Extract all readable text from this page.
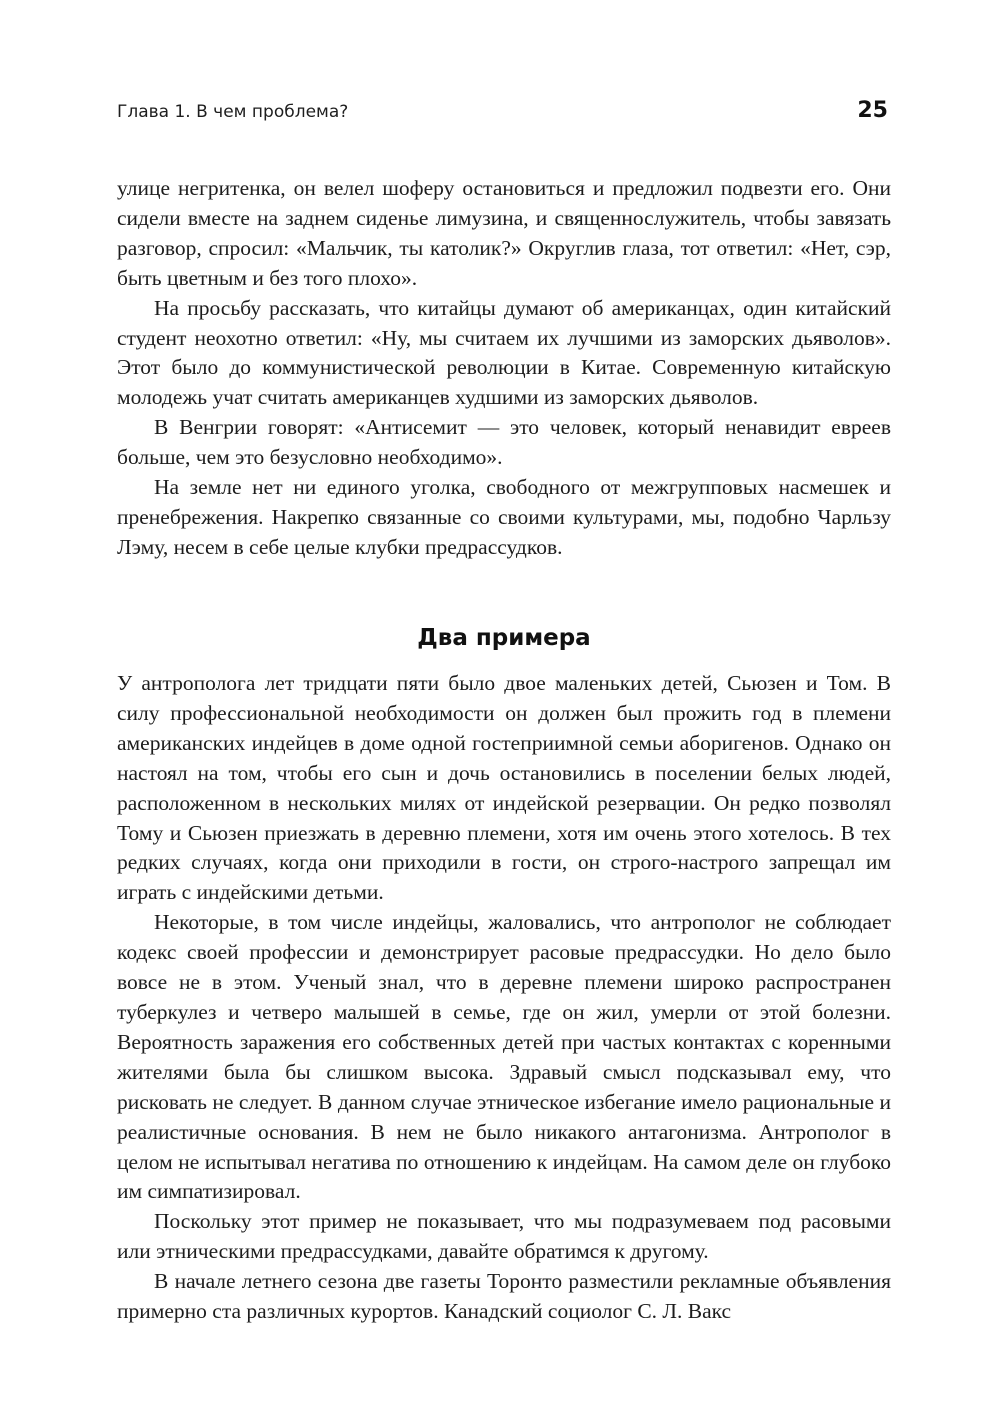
Глава 1. В чем проблема?	25

улице негритенка, он велел шоферу остановиться и предложил подвезти его. Они сидели вместе на заднем сиденье лимузина, и священнослужитель, чтобы завязать разговор, спросил: «Мальчик, ты католик?» Округлив глаза, тот ответил: «Нет, сэр, быть цветным и без того плохо».

На просьбу рассказать, что китайцы думают об американцах, один китайский студент неохотно ответил: «Ну, мы считаем их лучшими из заморских дьяволов». Этот было до коммунистической революции в Китае. Современную китайскую молодежь учат считать американцев худшими из заморских дьяволов.

В Венгрии говорят: «Антисемит — это человек, который ненавидит евреев больше, чем это безусловно необходимо».

На земле нет ни единого уголка, свободного от межгрупповых насмешек и пренебрежения. Накрепко связанные со своими культурами, мы, подобно Чарльзу Лэму, несем в себе целые клубки предрассудков.

Два примера

У антрополога лет тридцати пяти было двое маленьких детей, Сьюзен и Том. В силу профессиональной необходимости он должен был прожить год в племени американских индейцев в доме одной гостеприимной семьи аборигенов. Однако он настоял на том, чтобы его сын и дочь остановились в поселении белых людей, расположенном в нескольких милях от индейской резервации. Он редко позволял Тому и Сьюзен приезжать в деревню племени, хотя им очень этого хотелось. В тех редких случаях, когда они приходили в гости, он строго-настрого запрещал им играть с индейскими детьми.

Некоторые, в том числе индейцы, жаловались, что антрополог не соблюдает кодекс своей профессии и демонстрирует расовые предрассудки. Но дело было вовсе не в этом. Ученый знал, что в деревне племени широко распространен туберкулез и четверо малышей в семье, где он жил, умерли от этой болезни. Вероятность заражения его собственных детей при частых контактах с коренными жителями была бы слишком высока. Здравый смысл подсказывал ему, что рисковать не следует. В данном случае этническое избегание имело рациональные и реалистичные основания. В нем не было никакого антагонизма. Антрополог в целом не испытывал негатива по отношению к индейцам. На самом деле он глубоко им симпатизировал.

Поскольку этот пример не показывает, что мы подразумеваем под расовыми или этническими предрассудками, давайте обратимся к другому.

В начале летнего сезона две газеты Торонто разместили рекламные объявления примерно ста различных курортов. Канадский социолог С. Л. Вакс
